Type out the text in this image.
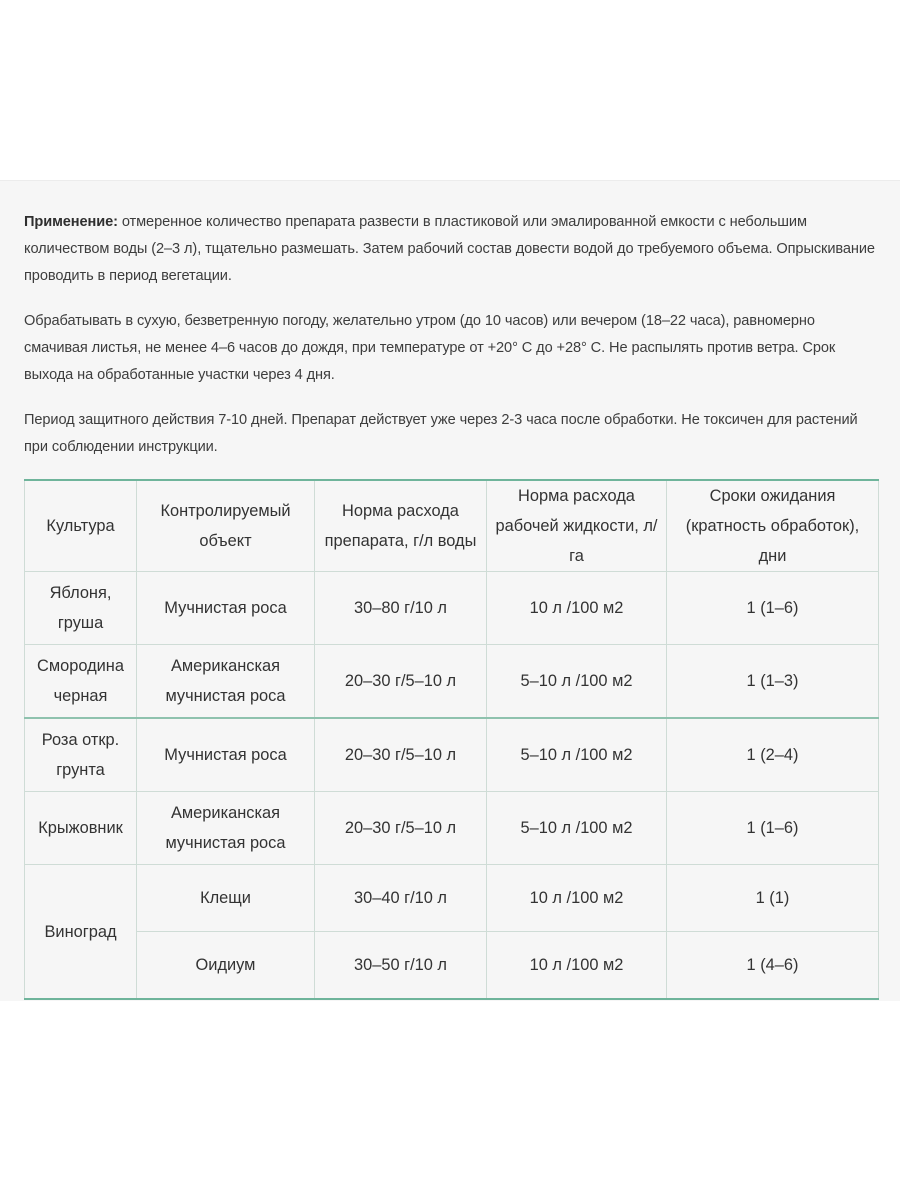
Применение: отмеренное количество препарата развести в пластиковой или эмалированной емкости с небольшим количеством воды (2–3 л), тщательно размешать. Затем рабочий состав довести водой до требуемого объема. Опрыскивание проводить в период вегетации.

Обрабатывать в сухую, безветренную погоду, желательно утром (до 10 часов) или вечером (18–22 часа), равномерно смачивая листья, не менее 4–6 часов до дождя, при температуре от +20° С до +28° С. Не распылять против ветра. Срок выхода на обработанные участки через 4 дня.

Период защитного действия 7-10 дней. Препарат действует уже через 2-3 часа после обработки. Не токсичен для растений при соблюдении инструкции.

Культура	Контролируемый объект	Норма расхода препарата, г/л воды	Норма расхода рабочей жидкости, л/га	Сроки ожидания (кратность обработок), дни
Яблоня, груша	Мучнистая роса	30–80 г/10 л	10 л /100 м2	1 (1–6)
Смородина черная	Американская мучнистая роса	20–30 г/5–10 л	5–10 л /100 м2	1 (1–3)
Роза откр. грунта	Мучнистая роса	20–30 г/5–10 л	5–10 л /100 м2	1 (2–4)
Крыжовник	Американская мучнистая роса	20–30 г/5–10 л	5–10 л /100 м2	1 (1–6)
Виноград	Клещи	30–40 г/10 л	10 л /100 м2	1 (1)
	Оидиум	30–50 г/10 л	10 л /100 м2	1 (4–6)
